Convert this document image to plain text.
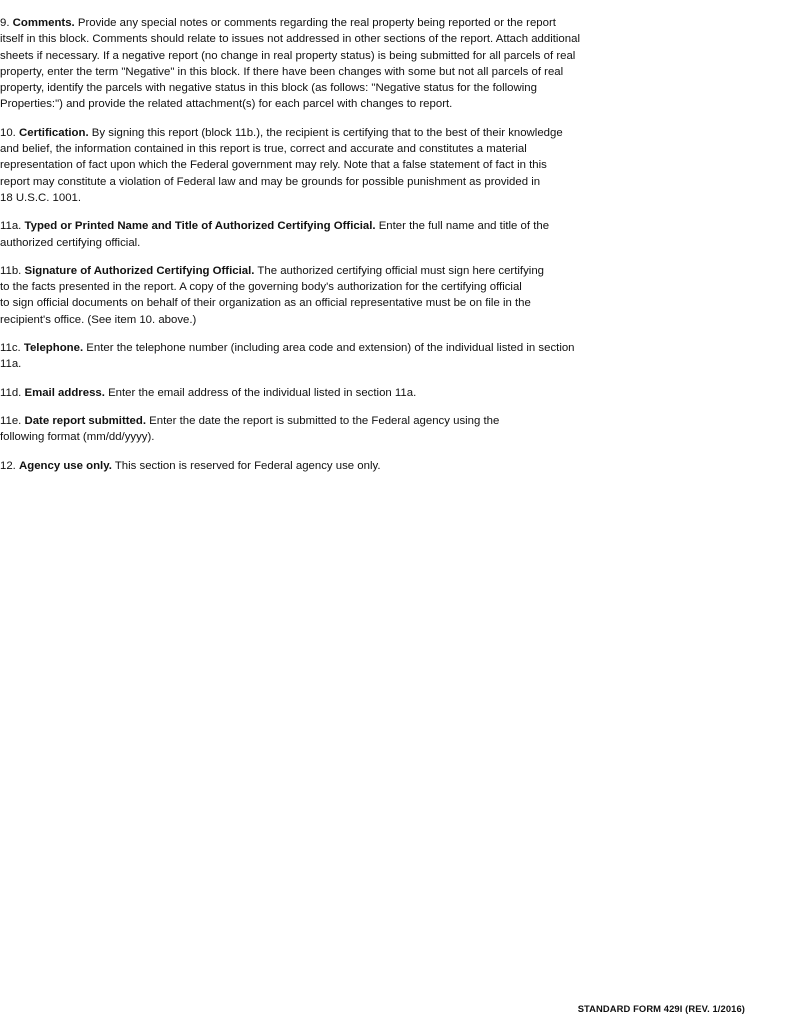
9. Comments. Provide any special notes or comments regarding the real property being reported or the report
itself in this block. Comments should relate to issues not addressed in other sections of the report. Attach additional
sheets if necessary. If a negative report (no change in real property status) is being submitted for all parcels of real
property, enter the term "Negative" in this block. If there have been changes with some but not all parcels of real
property, identify the parcels with negative status in this block (as follows: "Negative status for the following
Properties:") and provide the related attachment(s) for each parcel with changes to report.

10. Certification. By signing this report (block 11b.), the recipient is certifying that to the best of their knowledge
and belief, the information contained in this report is true, correct and accurate and constitutes a material
representation of fact upon which the Federal government may rely. Note that a false statement of fact in this
report may constitute a violation of Federal law and may be grounds for possible punishment as provided in
18 U.S.C. 1001.

11a. Typed or Printed Name and Title of Authorized Certifying Official. Enter the full name and title of the
authorized certifying official.

11b. Signature of Authorized Certifying Official. The authorized certifying official must sign here certifying
to the facts presented in the report. A copy of the governing body's authorization for the certifying official
to sign official documents on behalf of their organization as an official representative must be on file in the
recipient's office. (See item 10. above.)

11c. Telephone. Enter the telephone number (including area code and extension) of the individual listed in section
11a.

11d. Email address. Enter the email address of the individual listed in section 11a.

11e. Date report submitted. Enter the date the report is submitted to the Federal agency using the
following format (mm/dd/yyyy).

12. Agency use only. This section is reserved for Federal agency use only.

STANDARD FORM 429I (REV. 1/2016)
